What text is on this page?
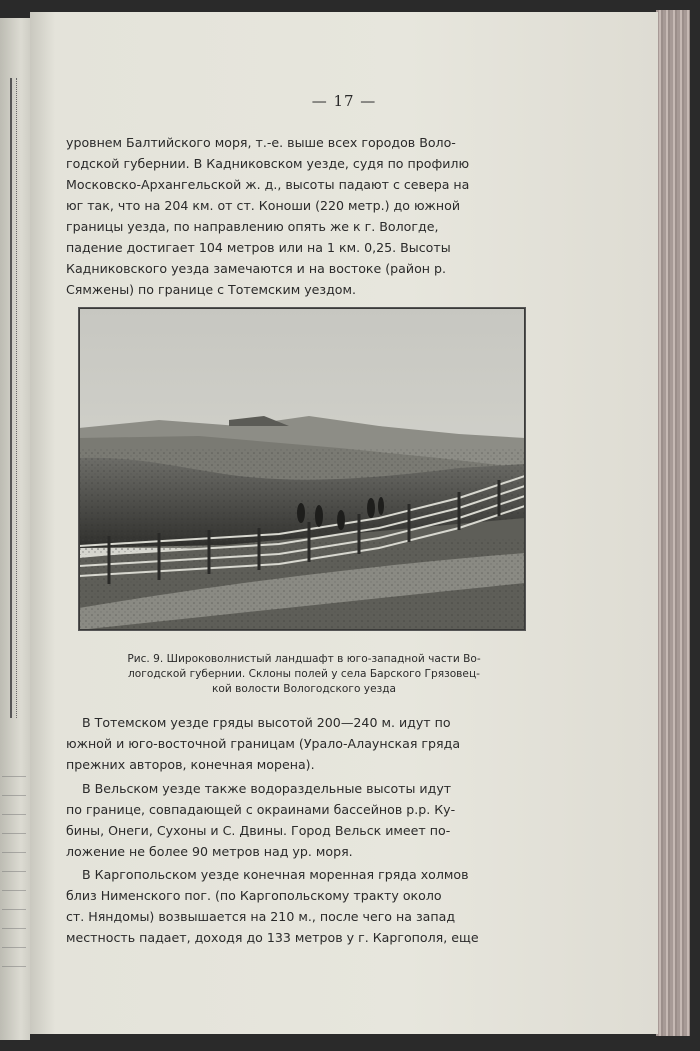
— 17 —

уровнем Балтийского моря, т.-е. выше всех городов Воло-
годской губернии. В Кадниковском уезде, судя по профилю
Московско-Архангельской ж. д., высоты падают с севера на
юг так, что на 204 км. от ст. Коноши (220 метр.) до южной
границы уезда, по направлению опять же к г. Вологде,
падение достигает 104 метров или на 1 км. 0,25. Высоты
Кадниковского уезда замечаются и на востоке (район р.
Сямжены) по границе с Тотемским уездом.

Рис. 9. Широковолнистый ландшафт в юго-западной части Во-
логодской губернии. Склоны полей у села Барского Грязовец-
кой волости Вологодского уезда

В Тотемском уезде гряды высотой 200—240 м. идут по
южной и юго-восточной границам (Урало-Алаунская гряда
прежних авторов, конечная морена).

В Вельском уезде также водораздельные высоты идут
по границе, совпадающей с окраинами бассейнов р.р. Ку-
бины, Онеги, Сухоны и С. Двины. Город Вельск имеет по-
ложение не более 90 метров над ур. моря.

В Каргопольском уезде конечная моренная гряда холмов
близ Нименского пог. (по Каргопольскому тракту около
ст. Няндомы) возвышается на 210 м., после чего на запад
местность падает, доходя до 133 метров у г. Каргополя, еще
